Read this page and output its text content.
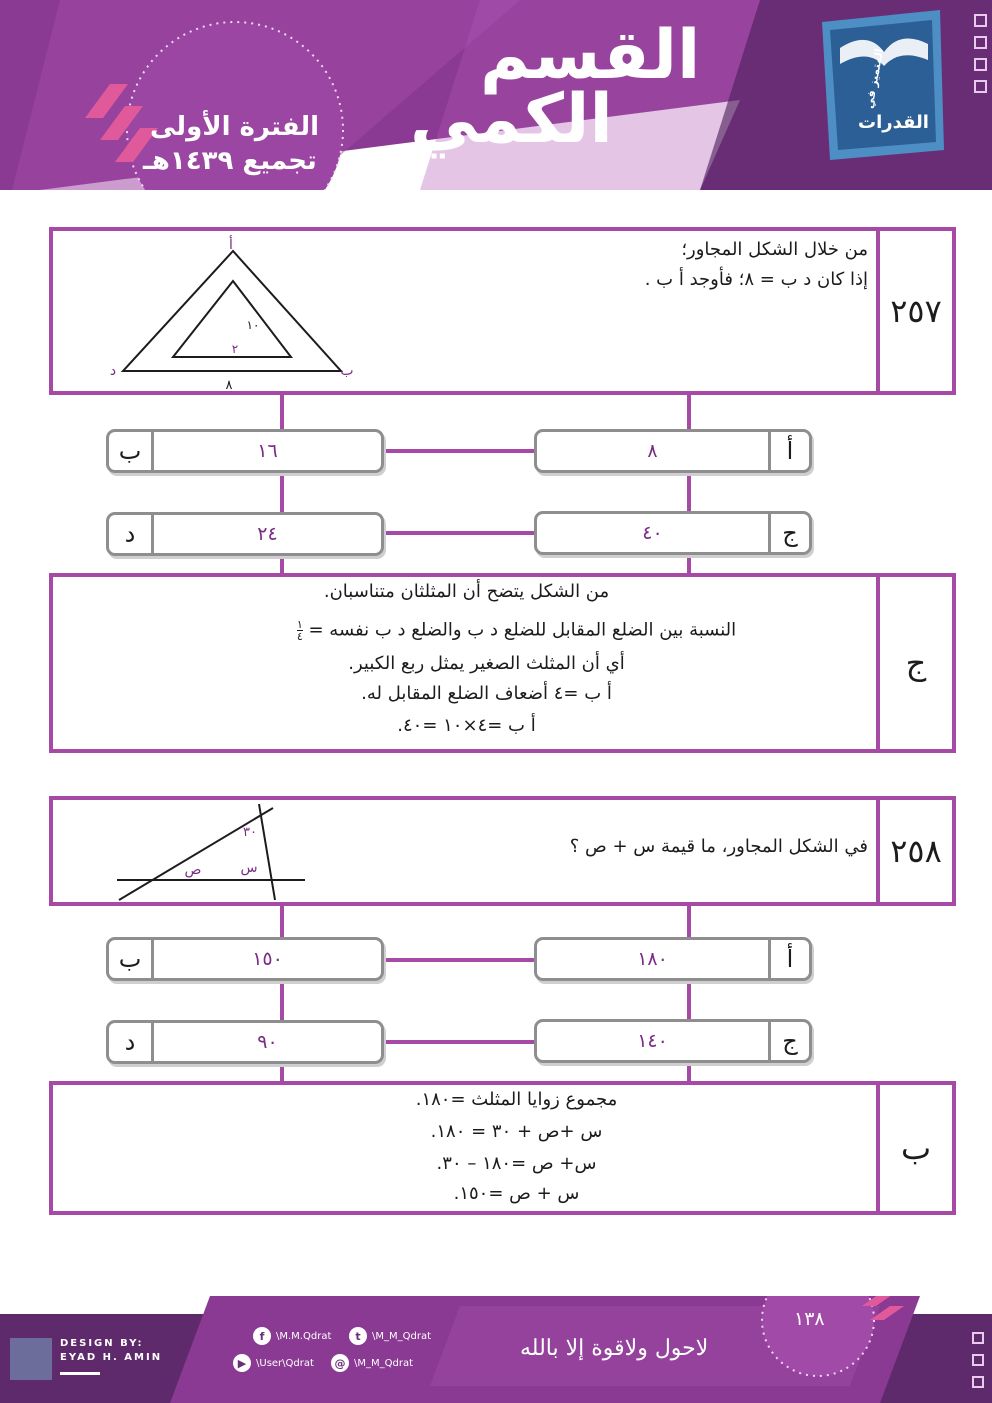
القسم
الكمي
الفترة الأولى
تجميع ١٤٣٩هـ
القدرات
المتميز في
٢٥٧
من خلال الشكل المجاور؛
إذا كان د ب = ٨؛ فأوجد أ ب .
أ
د	ب
٨
١٠
٢
ب	١٦	٨	أ
د	٢٤	٤٠	ج
ج
من الشكل يتضح أن المثلثان متناسبان.
النسبة بين الضلع المقابل للضلع د ب والضلع د ب نفسه =
١
٤
أي أن المثلث الصغير يمثل ربع الكبير.
أ ب =٤ أضعاف الضلع المقابل له.
أ ب =٤×١٠ =٤٠.
٢٥٨
في الشكل المجاور، ما قيمة س + ص ؟
٣٠
س
ص
ب	١٥٠	١٨٠	أ
د	٩٠	١٤٠	ج
ب
مجموع زوايا المثلث =١٨٠.
س +ص + ٣٠ = ١٨٠.
س+ ص =١٨٠ – ٣٠.
س + ص =١٥٠.
١٣٨
DESIGN BY:
EYAD H. AMIN	لاحول ولاقوة إلا بالله
f	\M.M.Qdrat	t	\M_M_Qdrat
▶ \User\Qdrat	@ \M_M_Qdrat
